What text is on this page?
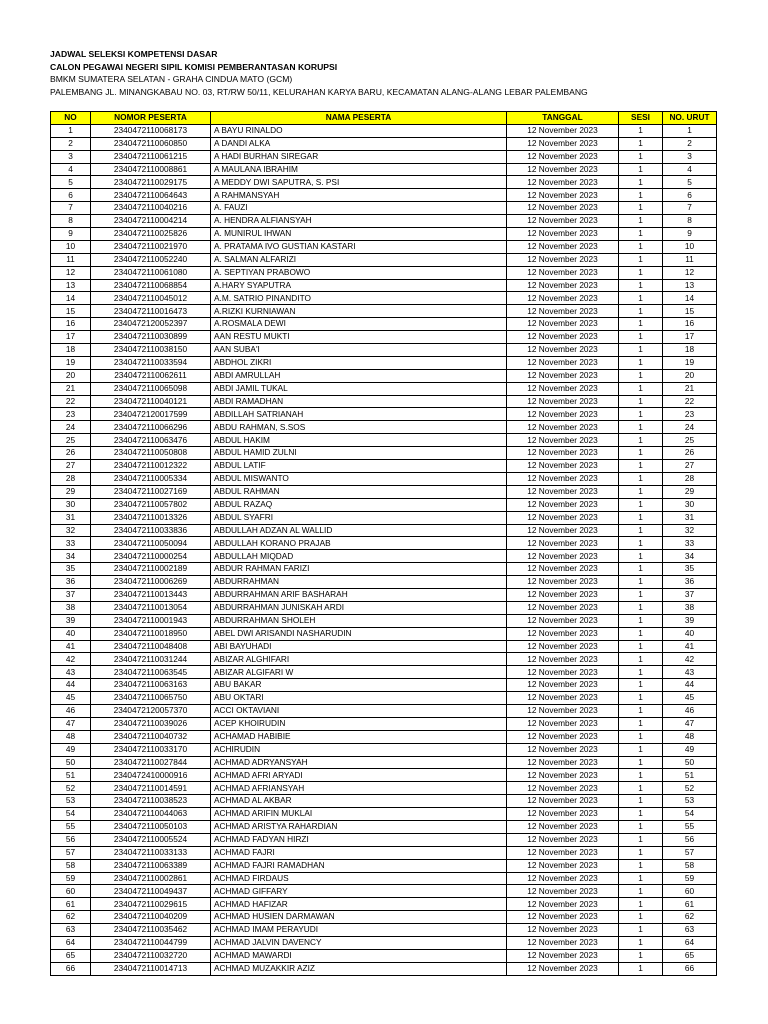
JADWAL SELEKSI KOMPETENSI DASAR
CALON PEGAWAI NEGERI SIPIL KOMISI PEMBERANTASAN KORUPSI
BMKM SUMATERA SELATAN - GRAHA CINDUA MATO (GCM)
PALEMBANG JL. MINANGKABAU NO. 03, RT/RW 50/11, KELURAHAN KARYA BARU, KECAMATAN ALANG-ALANG LEBAR PALEMBANG
NO	NOMOR PESERTA	NAMA PESERTA	TANGGAL	SESI	NO. URUT
1	2340472110068173	A BAYU RINALDO	12 November 2023	1	1
2	2340472110060850	A DANDI ALKA	12 November 2023	1	2
3	2340472110061215	A HADI BURHAN SIREGAR	12 November 2023	1	3
4	2340472110008861	A MAULANA IBRAHIM	12 November 2023	1	4
5	2340472110029175	A MEDDY DWI SAPUTRA, S. PSI	12 November 2023	1	5
6	2340472110064643	A RAHMANSYAH	12 November 2023	1	6
7	2340472110040216	A. FAUZI	12 November 2023	1	7
8	2340472110004214	A. HENDRA ALFIANSYAH	12 November 2023	1	8
9	2340472110025826	A. MUNIRUL IHWAN	12 November 2023	1	9
10	2340472110021970	A. PRATAMA IVO GUSTIAN KASTARI	12 November 2023	1	10
11	2340472110052240	A. SALMAN ALFARIZI	12 November 2023	1	11
12	2340472110061080	A. SEPTIYAN PRABOWO	12 November 2023	1	12
13	2340472110068854	A.HARY SYAPUTRA	12 November 2023	1	13
14	2340472110045012	A.M. SATRIO PINANDITO	12 November 2023	1	14
15	2340472110016473	A.RIZKI KURNIAWAN	12 November 2023	1	15
16	2340472120052397	A.ROSMALA DEWI	12 November 2023	1	16
17	2340472110030899	AAN RESTU MUKTI	12 November 2023	1	17
18	2340472110038150	AAN SUBA'I	12 November 2023	1	18
19	2340472110033594	ABDHOL ZIKRI	12 November 2023	1	19
20	2340472110062611	ABDI AMRULLAH	12 November 2023	1	20
21	2340472110065098	ABDI JAMIL TUKAL	12 November 2023	1	21
22	2340472110040121	ABDI RAMADHAN	12 November 2023	1	22
23	2340472120017599	ABDILLAH SATRIANAH	12 November 2023	1	23
24	2340472110066296	ABDU RAHMAN, S.SOS	12 November 2023	1	24
25	2340472110063476	ABDUL HAKIM	12 November 2023	1	25
26	2340472110050808	ABDUL HAMID ZULNI	12 November 2023	1	26
27	2340472110012322	ABDUL LATIF	12 November 2023	1	27
28	2340472110005334	ABDUL MISWANTO	12 November 2023	1	28
29	2340472110027169	ABDUL RAHMAN	12 November 2023	1	29
30	2340472110057802	ABDUL RAZAQ	12 November 2023	1	30
31	2340472110013326	ABDUL SYAFRI	12 November 2023	1	31
32	2340472110033836	ABDULLAH ADZAN AL WALLID	12 November 2023	1	32
33	2340472110050094	ABDULLAH KORANO PRAJAB	12 November 2023	1	33
34	2340472110000254	ABDULLAH MIQDAD	12 November 2023	1	34
35	2340472110002189	ABDUR RAHMAN FARIZI	12 November 2023	1	35
36	2340472110006269	ABDURRAHMAN	12 November 2023	1	36
37	2340472110013443	ABDURRAHMAN ARIF BASHARAH	12 November 2023	1	37
38	2340472110013054	ABDURRAHMAN JUNISKAH ARDI	12 November 2023	1	38
39	2340472110001943	ABDURRAHMAN SHOLEH	12 November 2023	1	39
40	2340472110018950	ABEL DWI ARISANDI NASHARUDIN	12 November 2023	1	40
41	2340472110048408	ABI BAYUHADI	12 November 2023	1	41
42	2340472110031244	ABIZAR ALGHIFARI	12 November 2023	1	42
43	2340472110063545	ABIZAR ALGIFARI W	12 November 2023	1	43
44	2340472110063163	ABU BAKAR	12 November 2023	1	44
45	2340472110065750	ABU OKTARI	12 November 2023	1	45
46	2340472120057370	ACCI OKTAVIANI	12 November 2023	1	46
47	2340472110039026	ACEP KHOIRUDIN	12 November 2023	1	47
48	2340472110040732	ACHAMAD HABIBIE	12 November 2023	1	48
49	2340472110033170	ACHIRUDIN	12 November 2023	1	49
50	2340472110027844	ACHMAD ADRYANSYAH	12 November 2023	1	50
51	2340472410000916	ACHMAD AFRI ARYADI	12 November 2023	1	51
52	2340472110014591	ACHMAD AFRIANSYAH	12 November 2023	1	52
53	2340472110038523	ACHMAD AL AKBAR	12 November 2023	1	53
54	2340472110044063	ACHMAD ARIFIN MUKLAI	12 November 2023	1	54
55	2340472110050103	ACHMAD ARISTYA RAHARDIAN	12 November 2023	1	55
56	2340472110005524	ACHMAD FADYAN HIRZI	12 November 2023	1	56
57	2340472110033133	ACHMAD FAJRI	12 November 2023	1	57
58	2340472110063389	ACHMAD FAJRI RAMADHAN	12 November 2023	1	58
59	2340472110002861	ACHMAD FIRDAUS	12 November 2023	1	59
60	2340472110049437	ACHMAD GIFFARY	12 November 2023	1	60
61	2340472110029615	ACHMAD HAFIZAR	12 November 2023	1	61
62	2340472110040209	ACHMAD HUSIEN DARMAWAN	12 November 2023	1	62
63	2340472110035462	ACHMAD IMAM PERAYUDI	12 November 2023	1	63
64	2340472110044799	ACHMAD JALVIN DAVENCY	12 November 2023	1	64
65	2340472110032720	ACHMAD MAWARDI	12 November 2023	1	65
66	2340472110014713	ACHMAD MUZAKKIR AZIZ	12 November 2023	1	66
